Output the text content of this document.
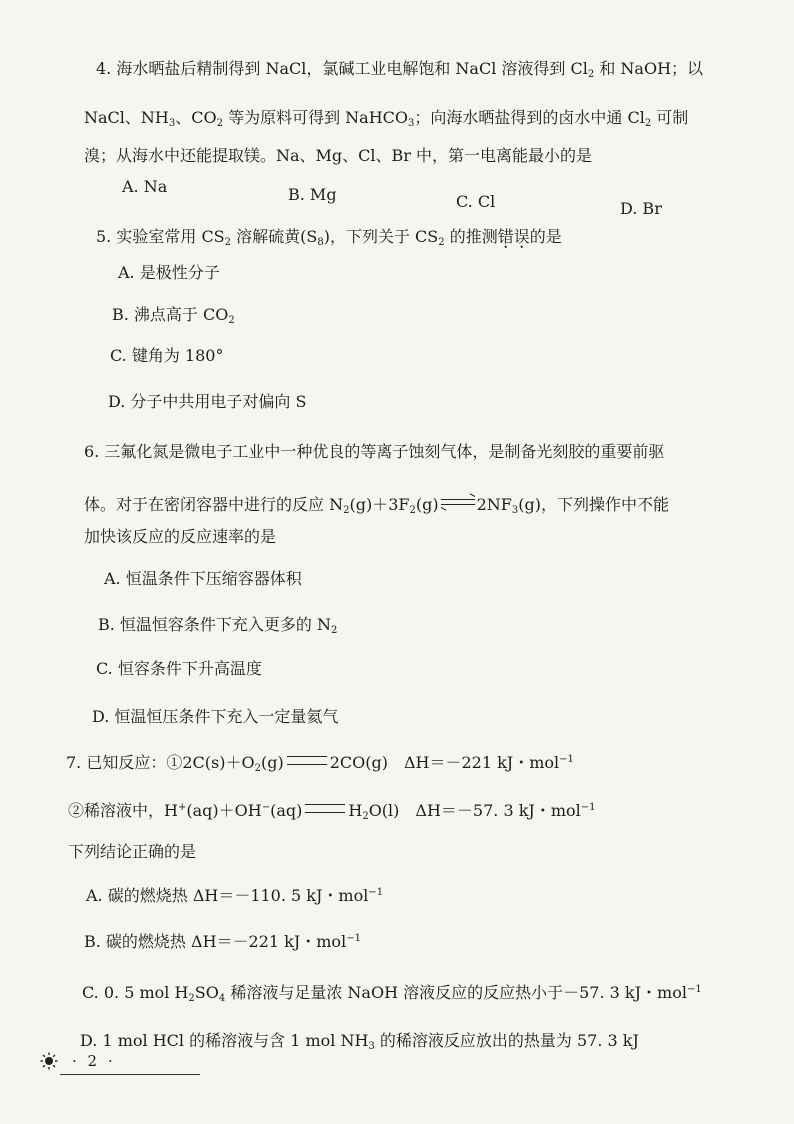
4. 海水晒盐后精制得到 NaCl，氯碱工业电解饱和 NaCl 溶液得到 $Cl_2$ 和 NaOH；以
NaCl、$NH_3$、$CO_2$ 等为原料可得到 NaHCO$_3$；向海水晒盐得到的卤水中通 $Cl_2$ 可制
溴；从海水中还能提取镁。Na、Mg、Cl、Br 中，第一电离能最小的是
A. Na	B. Mg	C. Cl	D. Br
5. 实验室常用 $CS_2$ 溶解硫黄$(S_8)$，下列关于 $CS_2$ 的推测错误的是
A. 是极性分子
B. 沸点高于 $CO_2$
C. 键角为 180°
D. 分子中共用电子对偏向 S
6. 三氟化氮是微电子工业中一种优良的等离子蚀刻气体，是制备光刻胶的重要前驱
体。对于在密闭容器中进行的反应 $N_2(g)+3F_2(g)$ ⇌ $2NF_3(g)$，下列操作中不能
加快该反应的反应速率的是
A. 恒温条件下压缩容器体积
B. 恒温恒容条件下充入更多的 $N_2$
C. 恒容条件下升高温度
D. 恒温恒压条件下充入一定量氦气
7. 已知反应：$①2C(s)+O_2(g)$	2CO(g)　ΔH＝－221 kJ・mol$^{-1}$
②稀溶液中，H+(aq)＋OH−(aq)	$H_2O(l)$　ΔH＝－57. 3 kJ・mol$^{-1}$
下列结论正确的是
A. 碳的燃烧热 ΔH＝－110. 5 kJ・mol$^{-1}$
B. 碳的燃烧热 ΔH＝－221 kJ・mol$^{-1}$
C. 0. 5 mol $H_2SO_4$ 稀溶液与足量浓 NaOH 溶液反应的反应热小于－57. 3 kJ・mol$^{-1}$
D. 1 mol HCl 的稀溶液与含 1 mol $NH_3$ 的稀溶液反应放出的热量为 57. 3 kJ
· 2 ·
